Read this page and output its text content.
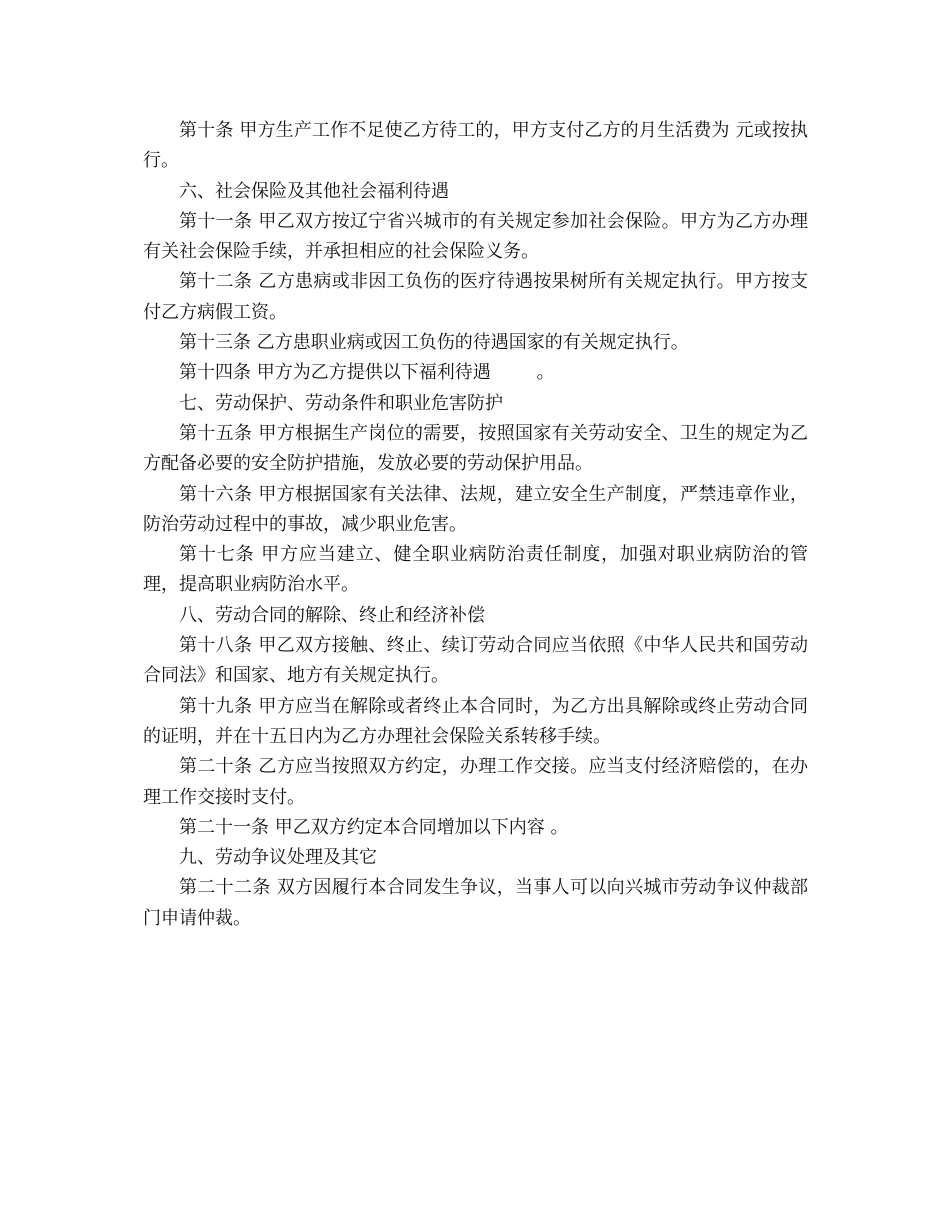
第十条 甲方生产工作不足使乙方待工的，甲方支付乙方的月生活费为 元或按执行。

六、社会保险及其他社会福利待遇

第十一条 甲乙双方按辽宁省兴城市的有关规定参加社会保险。甲方为乙方办理有关社会保险手续，并承担相应的社会保险义务。

第十二条 乙方患病或非因工负伤的医疗待遇按果树所有关规定执行。甲方按支付乙方病假工资。

第十三条 乙方患职业病或因工负伤的待遇国家的有关规定执行。

第十四条 甲方为乙方提供以下福利待遇        。

七、劳动保护、劳动条件和职业危害防护

第十五条 甲方根据生产岗位的需要，按照国家有关劳动安全、卫生的规定为乙方配备必要的安全防护措施，发放必要的劳动保护用品。

第十六条 甲方根据国家有关法律、法规，建立安全生产制度，严禁违章作业，防治劳动过程中的事故，减少职业危害。

第十七条 甲方应当建立、健全职业病防治责任制度，加强对职业病防治的管理，提高职业病防治水平。

八、劳动合同的解除、终止和经济补偿

第十八条 甲乙双方接触、终止、续订劳动合同应当依照《中华人民共和国劳动合同法》和国家、地方有关规定执行。

第十九条 甲方应当在解除或者终止本合同时，为乙方出具解除或终止劳动合同的证明，并在十五日内为乙方办理社会保险关系转移手续。

第二十条 乙方应当按照双方约定，办理工作交接。应当支付经济赔偿的，在办理工作交接时支付。

第二十一条 甲乙双方约定本合同增加以下内容 。

九、劳动争议处理及其它

第二十二条 双方因履行本合同发生争议，当事人可以向兴城市劳动争议仲裁部门申请仲裁。
